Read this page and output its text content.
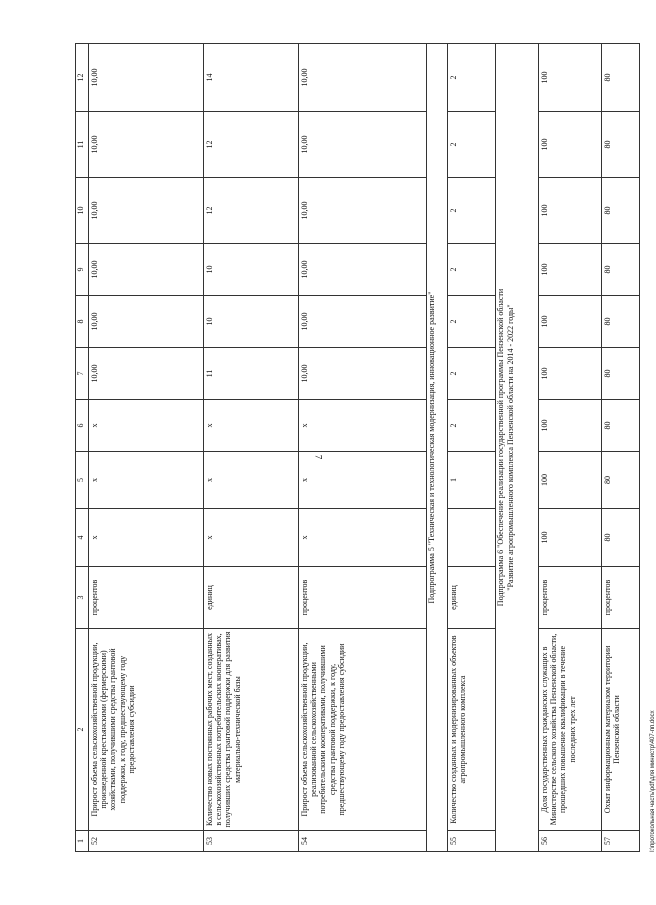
7
1	2	3	4	5	6	7	8	9	10	11	12
52	Прирост объема сельскохозяйственной продукции, произведенной крестьянскими (фермерскими) хозяйствами, получившими средства грантовой поддержки, к году, предшествующему году предоставления субсидии	процентов	x	x	x	10,00	10,00	10,00	10,00	10,00	10,00
53	Количество новых постоянных рабочих мест, созданных в сельскохозяйственных потребительских кооперативах, получивших средства грантовой поддержки для развития материально-технической базы	единиц	x	x	x	11	10	10	12	12	14
54	Прирост объема сельскохозяйственной продукции, реализованной сельскохозяйственными потребительскими кооперативами, получившими средства грантовой поддержки, к году, предшествующему году предоставления субсидии	процентов	x	x	x	10,00	10,00	10,00	10,00	10,00	10,00
Подпрограмма 5 "Техническая и технологическая модернизация, инновационное развитие"											
55	Количество созданных и модернизированных объектов агропромышленного комплекса	единиц		1	2	2	2	2	2	2	2
Подпрограмма 6 "Обеспечение реализации государственной программы Пензенской области
"Развитие агропромышленного комплекса Пензенской области на 2014 - 2022 годы"											
56	Доля государственных гражданских служащих в Министерстве сельского хозяйства Пензенской области, прошедших повышение квалификации в течение последних трех лет	процентов	100	100	100	100	100	100	100	100	100
57	Охват информационным материалом территории Пензенской области	процентов	80	80	80	80	80	80	80	80	80
I:\протокольная часть\pdf\для министр\407-пп.docx
